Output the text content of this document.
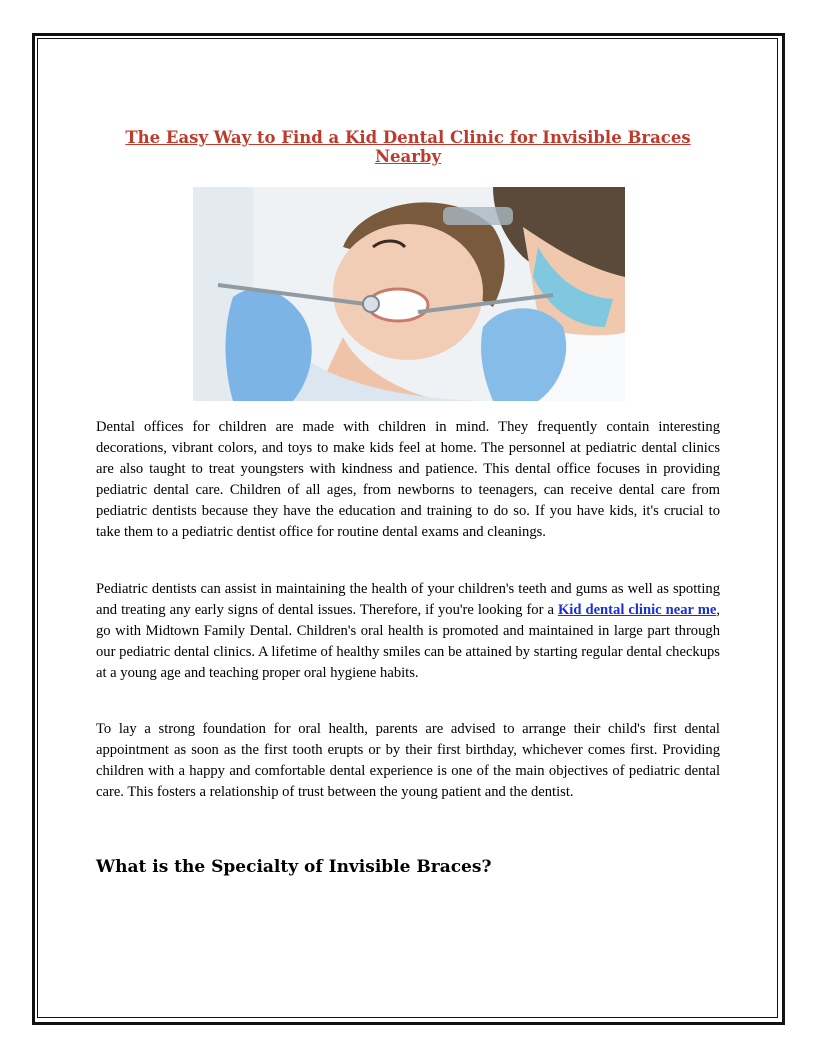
The Easy Way to Find a Kid Dental Clinic for Invisible Braces Nearby

Dental offices for children are made with children in mind. They frequently contain interesting decorations, vibrant colors, and toys to make kids feel at home. The personnel at pediatric dental clinics are also taught to treat youngsters with kindness and patience. This dental office focuses in providing pediatric dental care. Children of all ages, from newborns to teenagers, can receive dental care from pediatric dentists because they have the education and training to do so. If you have kids, it's crucial to take them to a pediatric dentist office for routine dental exams and cleanings.

Pediatric dentists can assist in maintaining the health of your children's teeth and gums as well as spotting and treating any early signs of dental issues. Therefore, if you're looking for a Kid dental clinic near me, go with Midtown Family Dental. Children's oral health is promoted and maintained in large part through our pediatric dental clinics. A lifetime of healthy smiles can be attained by starting regular dental checkups at a young age and teaching proper oral hygiene habits.

To lay a strong foundation for oral health, parents are advised to arrange their child's first dental appointment as soon as the first tooth erupts or by their first birthday, whichever comes first. Providing children with a happy and comfortable dental experience is one of the main objectives of pediatric dental care. This fosters a relationship of trust between the young patient and the dentist.

What is the Specialty of Invisible Braces?
